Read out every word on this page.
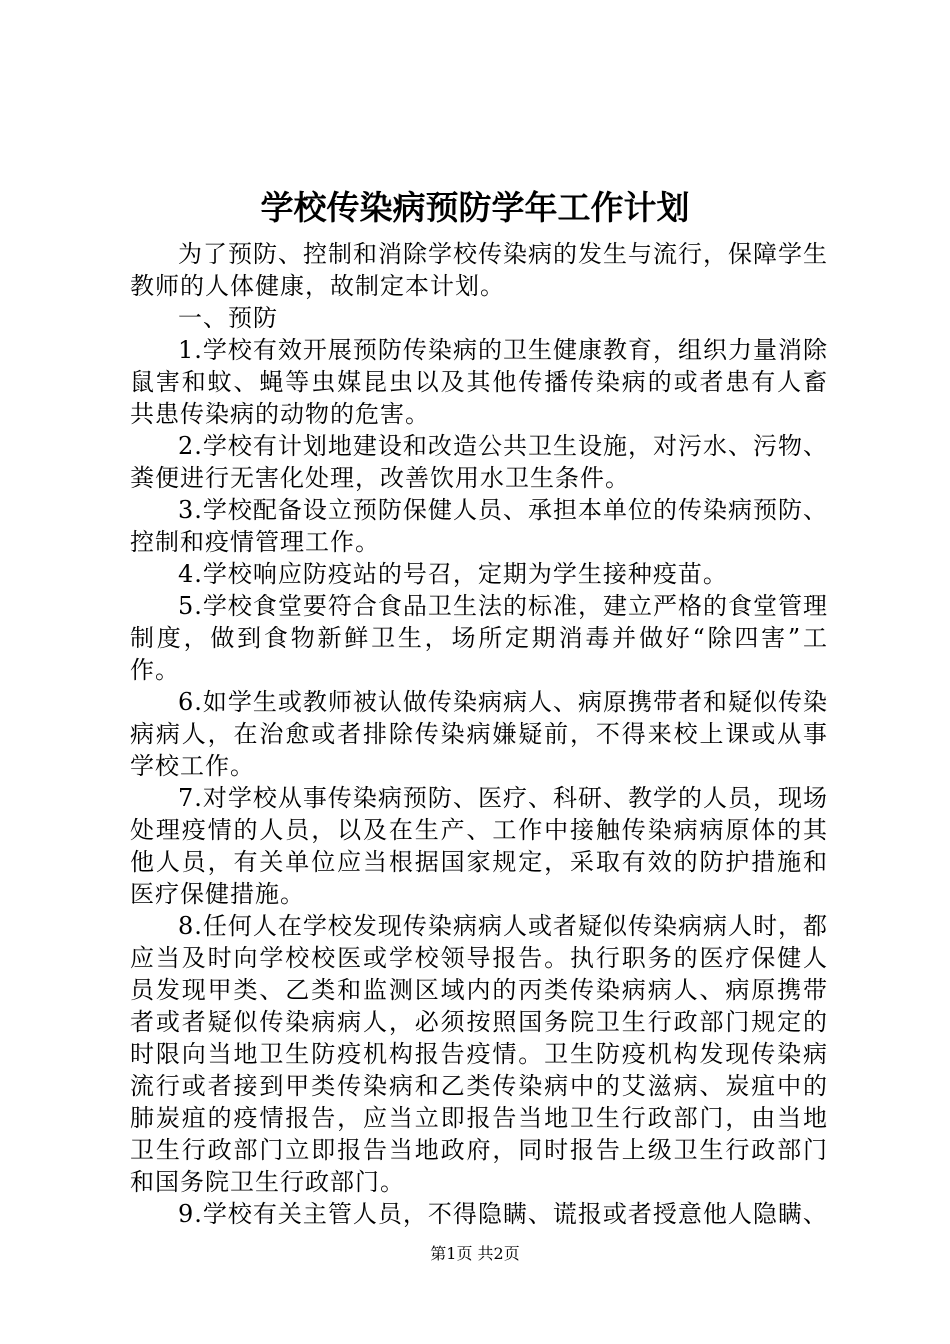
学校传染病预防学年工作计划

为了预防、控制和消除学校传染病的发生与流行，保障学生教师的人体健康，故制定本计划。

一、预防

1.学校有效开展预防传染病的卫生健康教育，组织力量消除鼠害和蚊、蝇等虫媒昆虫以及其他传播传染病的或者患有人畜共患传染病的动物的危害。

2.学校有计划地建设和改造公共卫生设施，对污水、污物、粪便进行无害化处理，改善饮用水卫生条件。

3.学校配备设立预防保健人员、承担本单位的传染病预防、控制和疫情管理工作。

4.学校响应防疫站的号召，定期为学生接种疫苗。

5.学校食堂要符合食品卫生法的标准，建立严格的食堂管理制度，做到食物新鲜卫生，场所定期消毒并做好“除四害”工作。

6.如学生或教师被认做传染病病人、病原携带者和疑似传染病病人，在治愈或者排除传染病嫌疑前，不得来校上课或从事学校工作。

7.对学校从事传染病预防、医疗、科研、教学的人员，现场处理疫情的人员，以及在生产、工作中接触传染病病原体的其他人员，有关单位应当根据国家规定，采取有效的防护措施和医疗保健措施。

8.任何人在学校发现传染病病人或者疑似传染病病人时，都应当及时向学校校医或学校领导报告。执行职务的医疗保健人员发现甲类、乙类和监测区域内的丙类传染病病人、病原携带者或者疑似传染病病人，必须按照国务院卫生行政部门规定的时限向当地卫生防疫机构报告疫情。卫生防疫机构发现传染病流行或者接到甲类传染病和乙类传染病中的艾滋病、炭疽中的肺炭疽的疫情报告，应当立即报告当地卫生行政部门，由当地卫生行政部门立即报告当地政府，同时报告上级卫生行政部门和国务院卫生行政部门。

9.学校有关主管人员，不得隐瞒、谎报或者授意他人隐瞒、

第1页 共2页
